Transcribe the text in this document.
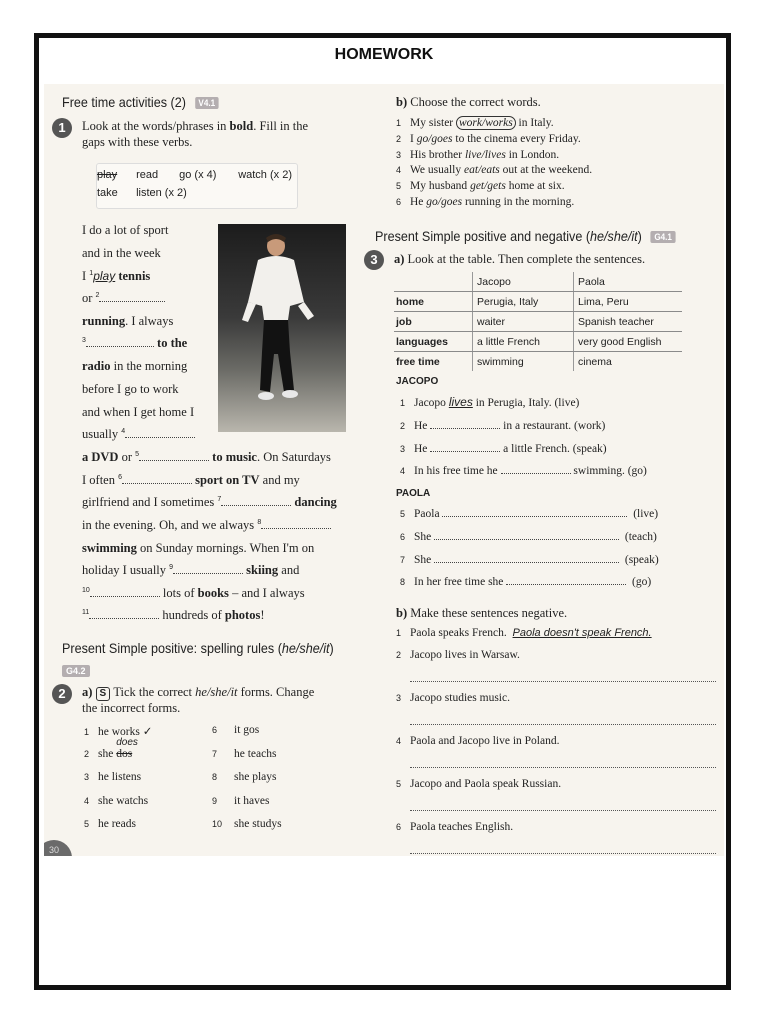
HOMEWORK
Free time activities (2) V4.1
1	Look at the words/phrases in bold. Fill in the
gaps with these verbs.
play read go (x 4) watch (x 2)
take listen (x 2)
I do a lot of sport
and in the week
I $^1$play tennis
or $^2$
running. I always
$^3$	to the
radio in the morning
before I go to work
and when I get home I
usually $^4$
a DVD or $^5$	to music. On Saturdays
I often $^6$	sport on TV and my
girlfriend and I sometimes $^7$	dancing
in the evening. Oh, and we always $^8$
swimming on Sunday mornings. When I'm on
holiday I usually $^9$	skiing and
$^{10}$	lots of books – and I always
$^{11}$	hundreds of photos!
Present Simple positive: spelling rules (he/she/it)
G4.2
2	a) S Tick the correct he/she/it forms. Change
the incorrect forms.
1 he works ✓
2 she dos
does
3 he listens
4 she watchs
5 he reads
6 it gos
7 he teachs
8 she plays
9 it haves
10 she studys
30
b) Choose the correct words.
1 My sister work/works in Italy.
2 I go/goes to the cinema every Friday.
3 His brother live/lives in London.
4 We usually eat/eats out at the weekend.
5 My husband get/gets home at six.
6 He go/goes running in the morning.
Present Simple positive and negative (he/she/it) G4.1
3	a) Look at the table. Then complete the sentences.
	Jacopo	Paola
home	Perugia, Italy	Lima, Peru
job	waiter	Spanish teacher
languages	a little French	very good English
free time	swimming	cinema
JACOPO
1 Jacopo lives in Perugia, Italy. (live)
2 He	in a restaurant. (work)
3 He	a little French. (speak)
4 In his free time he	swimming. (go)
PAOLA
5 Paola	(live)
6 She	(teach)
7 She	(speak)
8 In her free time she	(go)
b) Make these sentences negative.
1 Paola speaks French. Paola doesn't speak French.
2 Jacopo lives in Warsaw.
3 Jacopo studies music.
4 Paola and Jacopo live in Poland.
5 Jacopo and Paola speak Russian.
6 Paola teaches English.
